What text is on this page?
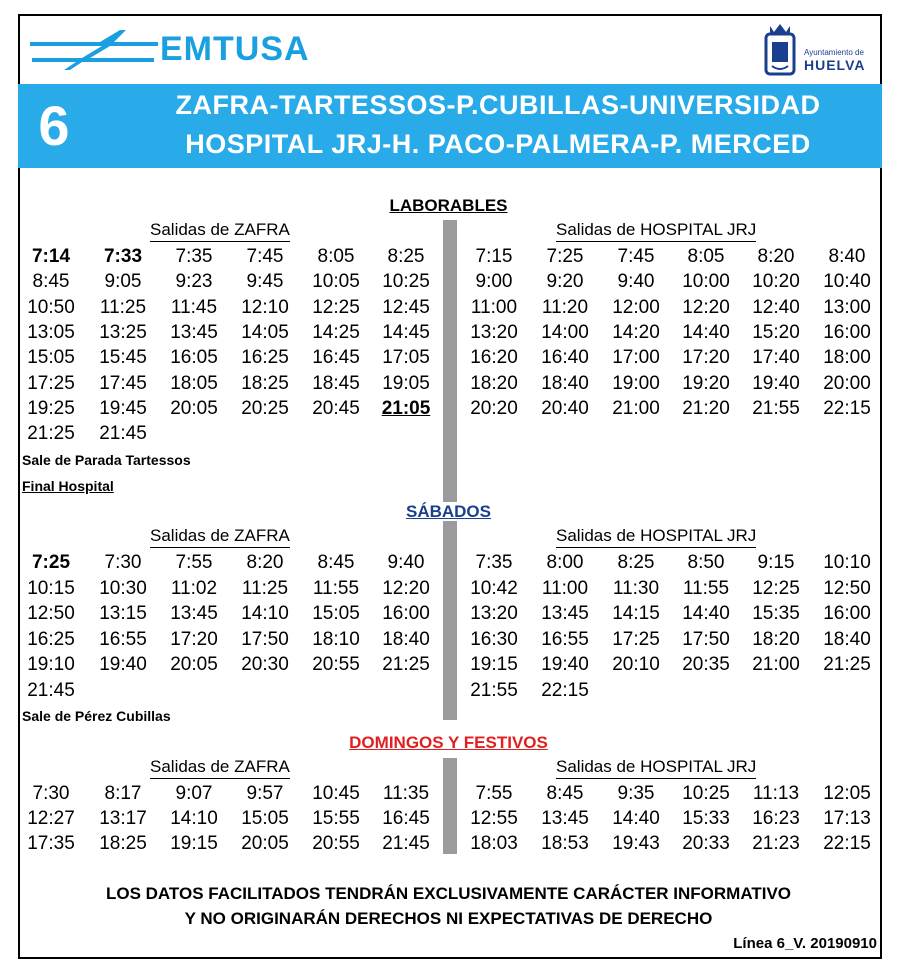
EMTUSA	Ayuntamiento de
HUELVA
6	ZAFRA-TARTESSOS-P.CUBILLAS-UNIVERSIDAD
HOSPITAL JRJ-H. PACO-PALMERA-P. MERCED
LABORABLES
Salidas de ZAFRA	Salidas de HOSPITAL JRJ
7:14	7:33	7:35	7:45	8:05	8:25
8:45	9:05	9:23	9:45	10:05	10:25
10:50	11:25	11:45	12:10	12:25	12:45
13:05	13:25	13:45	14:05	14:25	14:45
15:05	15:45	16:05	16:25	16:45	17:05
17:25	17:45	18:05	18:25	18:45	19:05
19:25	19:45	20:05	20:25	20:45	21:05
21:25	21:45
7:15	7:25	7:45	8:05	8:20	8:40
9:00	9:20	9:40	10:00	10:20	10:40
11:00	11:20	12:00	12:20	12:40	13:00
13:20	14:00	14:20	14:40	15:20	16:00
16:20	16:40	17:00	17:20	17:40	18:00
18:20	18:40	19:00	19:20	19:40	20:00
20:20	20:40	21:00	21:20	21:55	22:15
Sale de Parada Tartessos
Final Hospital
SÁBADOS
Salidas de ZAFRA	Salidas de HOSPITAL JRJ
7:25	7:30	7:55	8:20	8:45	9:40
10:15	10:30	11:02	11:25	11:55	12:20
12:50	13:15	13:45	14:10	15:05	16:00
16:25	16:55	17:20	17:50	18:10	18:40
19:10	19:40	20:05	20:30	20:55	21:25
21:45
7:35	8:00	8:25	8:50	9:15	10:10
10:42	11:00	11:30	11:55	12:25	12:50
13:20	13:45	14:15	14:40	15:35	16:00
16:30	16:55	17:25	17:50	18:20	18:40
19:15	19:40	20:10	20:35	21:00	21:25
21:55	22:15
Sale de Pérez Cubillas
DOMINGOS Y FESTIVOS
Salidas de ZAFRA	Salidas de HOSPITAL JRJ
7:30	8:17	9:07	9:57	10:45	11:35
12:27	13:17	14:10	15:05	15:55	16:45
17:35	18:25	19:15	20:05	20:55	21:45
7:55	8:45	9:35	10:25	11:13	12:05
12:55	13:45	14:40	15:33	16:23	17:13
18:03	18:53	19:43	20:33	21:23	22:15
LOS DATOS FACILITADOS TENDRÁN EXCLUSIVAMENTE CARÁCTER INFORMATIVO
Y NO ORIGINARÁN DERECHOS NI EXPECTATIVAS DE DERECHO
Línea 6_V. 20190910
